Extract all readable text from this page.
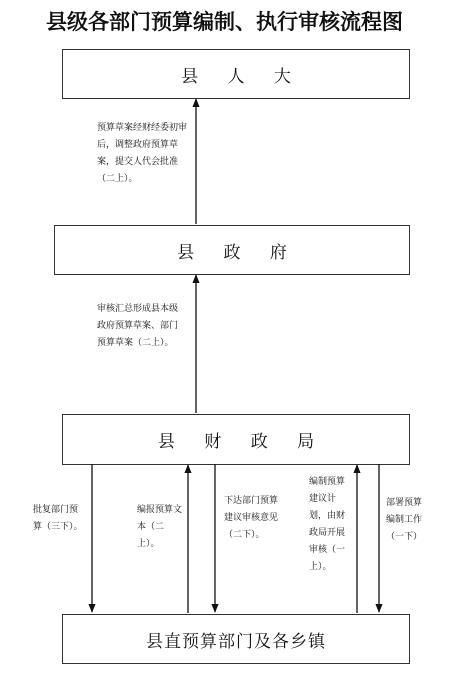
县级各部门预算编制、执行审核流程图
县 人 大
县 政 府
县 财 政 局
县直预算部门及各乡镇
预算草案经财经委初审后，调整政府预算草案，提交人代会批准（二上）。
审核汇总形成县本级政府预算草案、部门预算草案（二上）。
批复部门预算（三下）。
编报预算文本（二上）。
下达部门预算建议审核意见（二下）。
编制预算建议计划，由财政局开展审核（一上）。
部署预算编制工作（一下）
